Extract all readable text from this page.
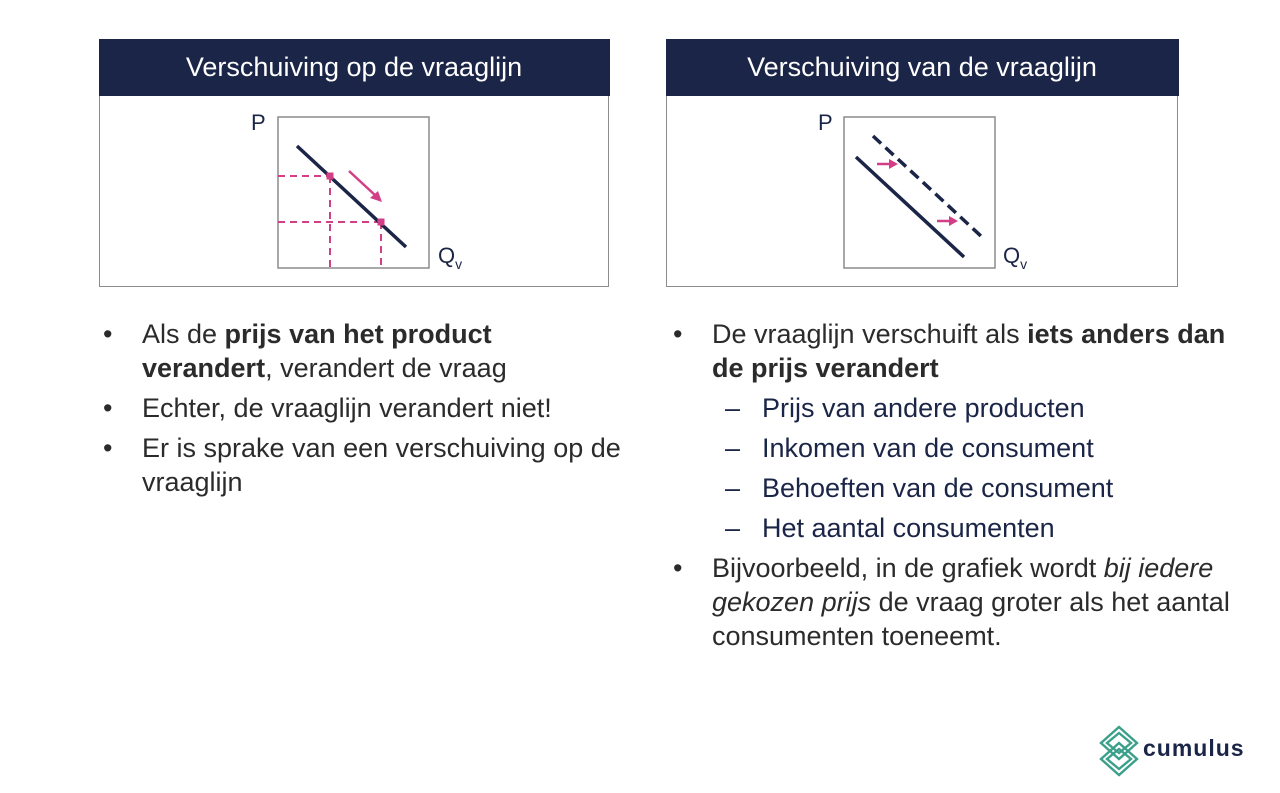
Verschuiving op de vraaglijn
P
$Q_v$
Verschuiving van de vraaglijn
P
$Q_v$
•	Als de prijs van het product verandert, verandert de vraag
•	Echter, de vraaglijn verandert niet!
•	Er is sprake van een verschuiving op de vraaglijn
•	De vraaglijn verschuift als iets anders dan de prijs verandert
– Prijs van andere producten
– Inkomen van de consument
– Behoeften van de consument
– Het aantal consumenten
•	Bijvoorbeeld, in de grafiek wordt bij iedere gekozen prijs de vraag groter als het aantal consumenten toeneemt.
cumulus
